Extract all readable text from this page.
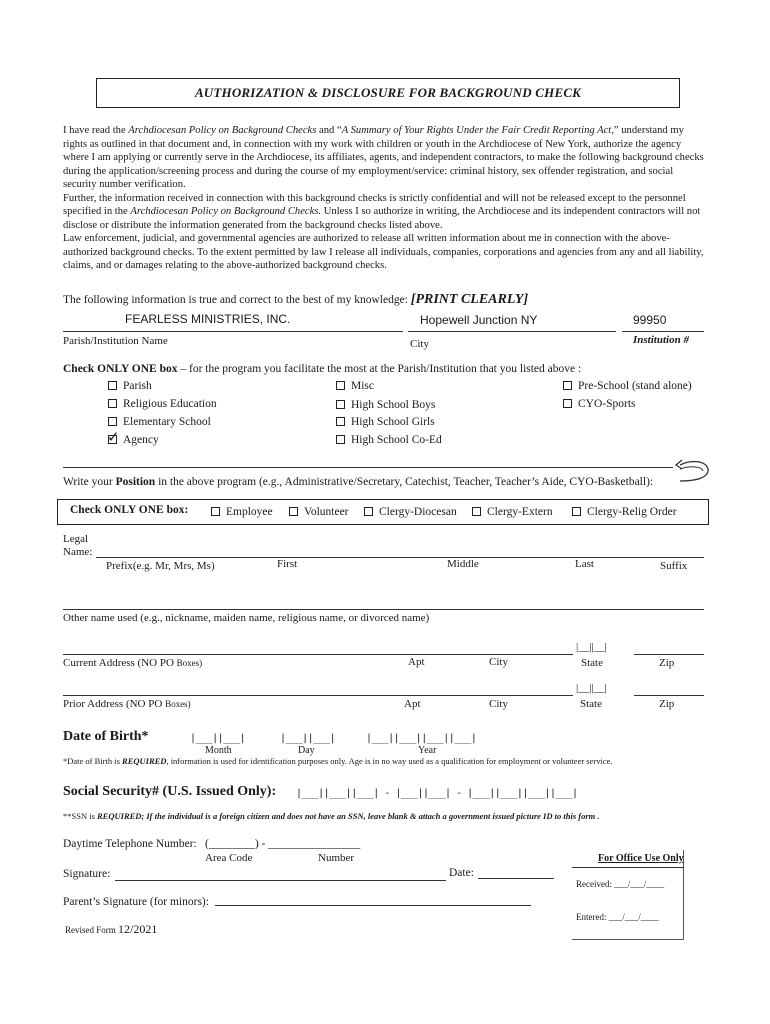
AUTHORIZATION & DISCLOSURE FOR BACKGROUND CHECK

I have read the Archdiocesan Policy on Background Checks and “A Summary of Your Rights Under the Fair Credit Reporting Act,” understand my rights as outlined in that document and, in connection with my work with children or youth in the Archdiocese of New York, authorize the agency where I am applying or currently serve in the Archdiocese, its affiliates, agents, and independent contractors, to make the following background checks during the application/screening process and during the course of my employment/service: criminal history, sex offender registration, and social security number verification.

Further, the information received in connection with this background checks is strictly confidential and will not be released except to the personnel specified in the Archdiocesan Policy on Background Checks. Unless I so authorize in writing, the Archdiocese and its independent contractors will not disclose or distribute the information generated from the background checks listed above.

Law enforcement, judicial, and governmental agencies are authorized to release all written information about me in connection with the above-authorized background checks. To the extent permitted by law I release all individuals, companies, corporations and agencies from any and all liability, claims, and or damages relating to the above-authorized background checks.

The following information is true and correct to the best of my knowledge: [PRINT CLEARLY]
FEARLESS MINISTRIES, INC.	Hopewell Junction NY	99950
Parish/Institution Name	City	Institution #
Check ONLY ONE box – for the program you facilitate the most at the Parish/Institution that you listed above :
Parish
Religious Education
Elementary School
✓Agency
Misc
High School Boys
High School Girls
High School Co-Ed
Pre-School (stand alone)
CYO-Sports
Write your Position in the above program (e.g., Administrative/Secretary, Catechist, Teacher, Teacher’s Aide, CYO-Basketball):
Check ONLY ONE box:	Employee	Volunteer	Clergy-Diocesan	Clergy-Extern	Clergy-Relig Order
Legal
Name:
Prefix(e.g. Mr, Mrs, Ms)	First	Middle	Last	Suffix
Other name used (e.g., nickname, maiden name, religious name, or divorced name)
|__||__|
Current Address (NO PO Boxes)	Apt	City	State	Zip
|__||__|
Prior Address (NO PO Boxes)	Apt	City	State	Zip
Date of Birth*	|___||___|	|___||___|	|___||___||___||___|
Month	Day	Year
*Date of Birth is REQUIRED, information is used for identification purposes only. Age is in no way used as a qualification for employment or volunteer service.
Social Security# (U.S. Issued Only): |___||___||___| - |___||___| - |___||___||___||___|
**SSN is REQUIRED; If the individual is a foreign citizen and does not have an SSN, leave blank & attach a government issued picture ID to this form .
Daytime Telephone Number: (________) - ________________
Area Code	Number
Signature:	Date:
Parent’s Signature (for minors):
For Office Use Only
Received: ___/___/____
Entered: ___/___/____
Revised Form 12/2021
